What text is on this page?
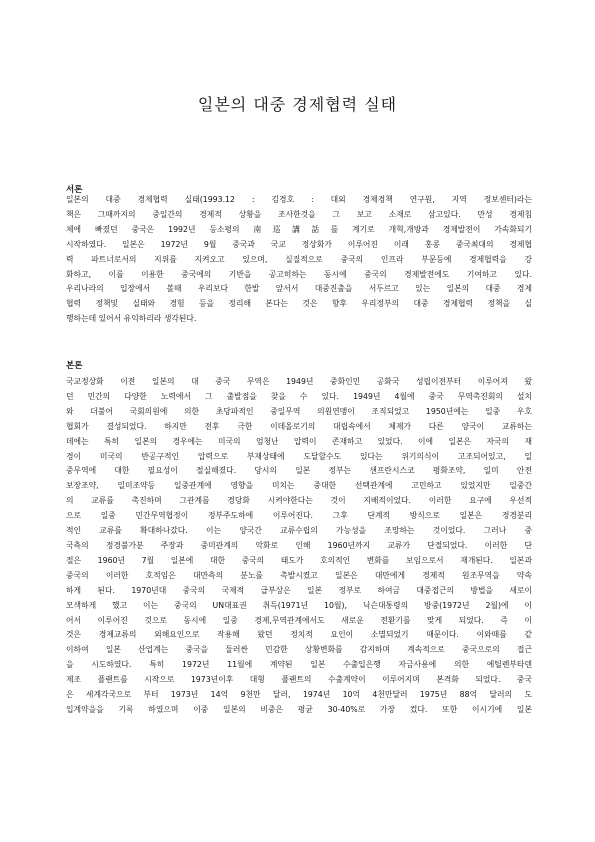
일본의 대중 경제협력 실태
서론
일본의 대중 경제협력 실태(1993.12 : 김경호 : 대외 경제경책 연구원, 지역 정보센터)라는
책은 그때까지의 중일간의 경제적 상황을 조사한것을 그 보고 소재로 삼고있다. 만성 경제침
체에 빠졌던 중국은 1992년 등소평의 南巡講話를 계기로 개혁,개방과 경제발전이 가속화되기
시작하였다. 일본은 1972년 9월 중국과 국교 정상화가 이루어진 이래 홍콩 중국최대의 경제협
력 파트너로서의 지위를 지켜오고 있으며, 실질적으로 중국의 인프라 부문등에 경제협력을 강
화하고, 이를 이용한 중국에의 기반을 공고히하는 동시에 중국의 경제발전에도 기여하고 있다.
우리나라의 입장에서 볼때 우리보다 한발 앞서서 대중진출을 서두르고 있는 일본의 대중 경제
협력 정책및 실태와 경험 등을 정리해 본다는 것은 향후 우리정부의 대중 경제협력 정책을 실
행하는데 있어서 유익하리라 생각된다.
본론
국교정상화 이전 일본의 대 중국 무역은 1949년 중화인민 공화국 성립이전부터 이루어져 왔
던 민간의 다양한 노력에서 그 출발점을 찾을 수 있다. 1949년 4월에 중국 무역촉진회의 설치
와 더불어 국회의원에 의한 초당파적인 중일무역 의원연맹이 조직되었고 1950년에는 일중 우호
협회가 결성되었다. 하지만 전후 극한 이데올로기의 대립속에서 체제가 다른 양국이 교류하는
데에는 특히 일본의 경우에는 미국의 엄청난 압력이 존재하고 있었다. 이에 일본은 자국의 재
경이 미국의 반공구적인 압력으로 부재상태에 도달할수도 있다는 위기의식이 고조되어있고, 일
중무역에 대한 필요성이 절실해졌다. 당시의 일본 정부는 샌프란시스코 평화조약, 일미 안전
보장조약, 일미조약등 일중관계에 영향을 미치는 중대한 선택관계에 고민하고 있었지만 일중간
의 교류를 촉진하며 그관계를 경당화 시켜야한다는 것이 지배적이었다. 이러한 요구에 우선적
으로 일중 민간무역협정이 정부주도하에 이루어진다. 그후 단계적 방식으로 일본은 정경분리
적인 교류를 확대하나갔다. 이는 양국간 교류수립의 가능성을 조망하는 것이었다. 그러나 중
국측의 정경불가분 주장과 중미관계의 악화로 인해 1960년까지 교류가 단절되었다. 이러한 단
절은 1960년 7월 일본에 대한 중국의 태도가 호의적인 변화를 보임으로서 재개된다. 일본과
중국의 이러한 호적임은 대만측의 분노를 촉발시켰고 일본은 대만에게 경제적 원조무역을 약속
하게 된다. 1970년대 중국의 국제적 급부상은 일본 정부로 하여금 대중접근의 방법을 새로이
모색하게 했고 이는 중국의 UN대표권 취득(1971년 10월), 닉슨대통령의 방중(1972년 2월)에 이
어서 이루어진 것으로 동시에 일중 경제,무역관계에서도 새로운 전환기를 맞게 되었다. 즉 이
것은 경제교류의 외해요인으로 작용해 왔던 정치적 요인이 소멸되었기 때문이다. 이와때를 같
이하여 일본 산업계는 중국을 둘러싼 민감한 상황변화를 감지하며 계속적으로 중국으로의 접근
을 시도하였다. 특히 1972년 11월에 계약된 일본 수출입은행 자금사용에 의한 에틸렌부타덴
제조 플랜트를 시작으로 1973년이후 대형 플랜트의 수출계약이 이루어지며 본격화 되었다. 중국
은 세계각국으로 부터 1973년 14억 9천만 달러, 1974년 10억 4천만달러 1975년 88억 달러의 도
입계약을을 기록 하였으며 이중 일본의 비중은 평균 30-40%로 가장 컸다. 또한 이시기에 일본
